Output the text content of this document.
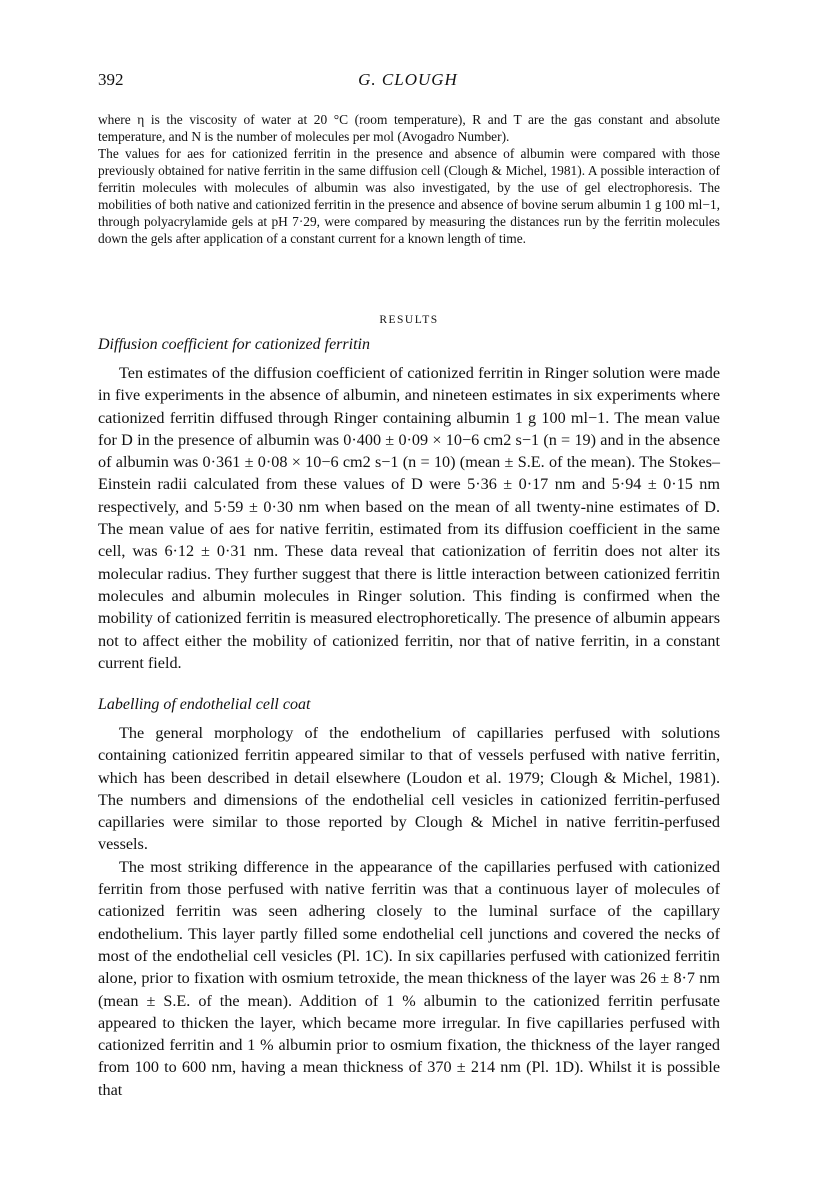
392	G. CLOUGH

where η is the viscosity of water at 20 °C (room temperature), R and T are the gas constant and absolute temperature, and N is the number of molecules per mol (Avogadro Number).

The values for aes for cationized ferritin in the presence and absence of albumin were compared with those previously obtained for native ferritin in the same diffusion cell (Clough & Michel, 1981). A possible interaction of ferritin molecules with molecules of albumin was also investigated, by the use of gel electrophoresis. The mobilities of both native and cationized ferritin in the presence and absence of bovine serum albumin 1 g 100 ml−1, through polyacrylamide gels at pH 7·29, were compared by measuring the distances run by the ferritin molecules down the gels after application of a constant current for a known length of time.

RESULTS
Diffusion coefficient for cationized ferritin

Ten estimates of the diffusion coefficient of cationized ferritin in Ringer solution were made in five experiments in the absence of albumin, and nineteen estimates in six experiments where cationized ferritin diffused through Ringer containing albumin 1 g 100 ml−1. The mean value for D in the presence of albumin was 0·400 ± 0·09 × 10−6 cm2 s−1 (n = 19) and in the absence of albumin was 0·361 ± 0·08 × 10−6 cm2 s−1 (n = 10) (mean ± S.E. of the mean). The Stokes–Einstein radii calculated from these values of D were 5·36 ± 0·17 nm and 5·94 ± 0·15 nm respectively, and 5·59 ± 0·30 nm when based on the mean of all twenty-nine estimates of D. The mean value of aes for native ferritin, estimated from its diffusion coefficient in the same cell, was 6·12 ± 0·31 nm. These data reveal that cationization of ferritin does not alter its molecular radius. They further suggest that there is little interaction between cationized ferritin molecules and albumin molecules in Ringer solution. This finding is confirmed when the mobility of cationized ferritin is measured electrophoretically. The presence of albumin appears not to affect either the mobility of cationized ferritin, nor that of native ferritin, in a constant current field.

Labelling of endothelial cell coat

The general morphology of the endothelium of capillaries perfused with solutions containing cationized ferritin appeared similar to that of vessels perfused with native ferritin, which has been described in detail elsewhere (Loudon et al. 1979; Clough & Michel, 1981). The numbers and dimensions of the endothelial cell vesicles in cationized ferritin-perfused capillaries were similar to those reported by Clough & Michel in native ferritin-perfused vessels.

The most striking difference in the appearance of the capillaries perfused with cationized ferritin from those perfused with native ferritin was that a continuous layer of molecules of cationized ferritin was seen adhering closely to the luminal surface of the capillary endothelium. This layer partly filled some endothelial cell junctions and covered the necks of most of the endothelial cell vesicles (Pl. 1C). In six capillaries perfused with cationized ferritin alone, prior to fixation with osmium tetroxide, the mean thickness of the layer was 26 ± 8·7 nm (mean ± S.E. of the mean). Addition of 1 % albumin to the cationized ferritin perfusate appeared to thicken the layer, which became more irregular. In five capillaries perfused with cationized ferritin and 1 % albumin prior to osmium fixation, the thickness of the layer ranged from 100 to 600 nm, having a mean thickness of 370 ± 214 nm (Pl. 1D). Whilst it is possible that
